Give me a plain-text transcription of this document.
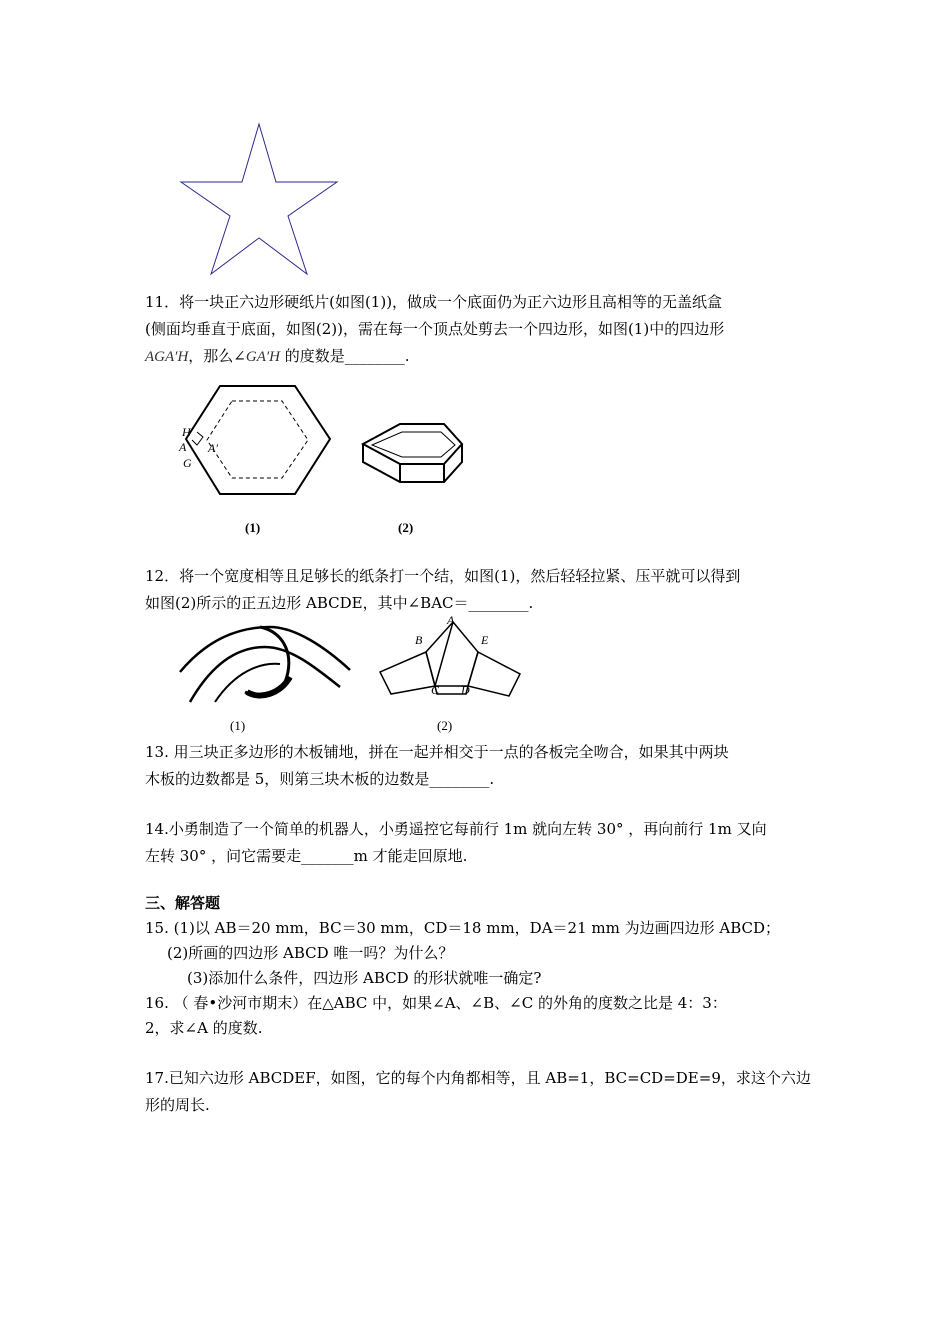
11．将一块正六边形硬纸片(如图(1))，做成一个底面仍为正六边形且高相等的无盖纸盒
(侧面均垂直于底面，如图(2))，需在每一个顶点处剪去一个四边形，如图(1)中的四边形
AGA′H，那么∠GA′H 的度数是________.
H
A
G
A′
(1)	(2)
12．将一个宽度相等且足够长的纸条打一个结，如图(1)，然后轻轻拉紧、压平就可以得到
如图(2)所示的正五边形 ABCDE，其中∠BAC＝________.
(1)
A
B	E
C D
(2)
13. 用三块正多边形的木板铺地，拼在一起并相交于一点的各板完全吻合，如果其中两块
木板的边数都是 5，则第三块木板的边数是________.
14.小勇制造了一个简单的机器人，小勇遥控它每前行 1m 就向左转 30° ，再向前行 1m 又向
左转 30° ，问它需要走_______m 才能走回原地.
三、解答题
15. (1)以 AB＝20 mm，BC＝30 mm，CD＝18 mm，DA＝21 mm 为边画四边形 ABCD；
(2)所画的四边形 ABCD 唯一吗？为什么？
(3)添加什么条件，四边形 ABCD 的形状就唯一确定?
16. （ 春•沙河市期末）在△ABC 中，如果∠A、∠B、∠C 的外角的度数之比是 4：3：
2，求∠A 的度数.
17.已知六边形 ABCDEF，如图，它的每个内角都相等，且 AB=1，BC=CD=DE=9，求这个六边
形的周长.
